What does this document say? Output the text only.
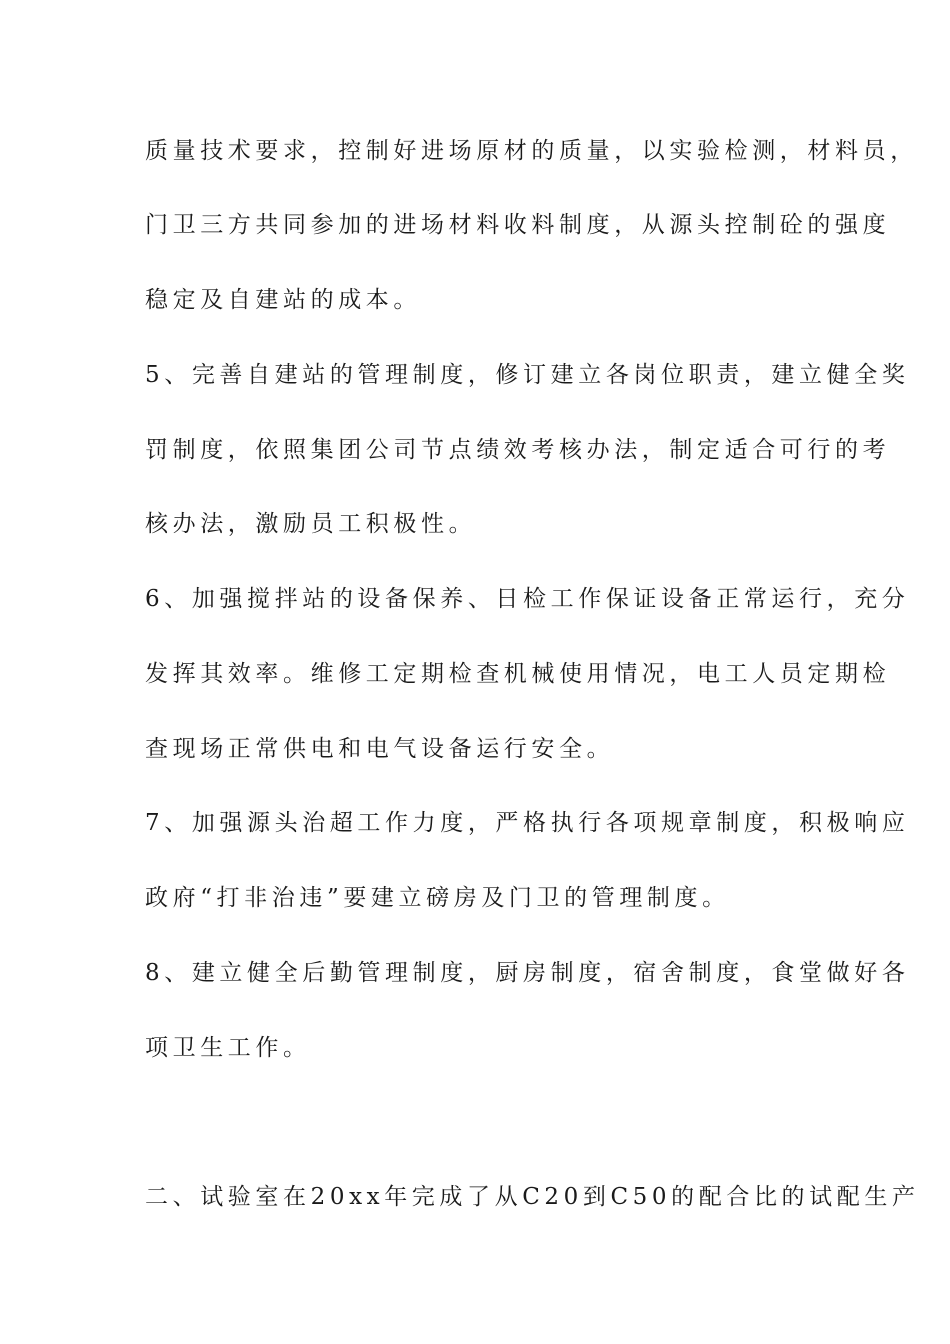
质量技术要求，控制好进场原材的质量，以实验检测，材料员，
门卫三方共同参加的进场材料收料制度，从源头控制砼的强度
稳定及自建站的成本。
5、完善自建站的管理制度，修订建立各岗位职责，建立健全奖
罚制度，依照集团公司节点绩效考核办法，制定适合可行的考
核办法，激励员工积极性。
6、加强搅拌站的设备保养、日检工作保证设备正常运行，充分
发挥其效率。维修工定期检查机械使用情况，电工人员定期检
查现场正常供电和电气设备运行安全。
7、加强源头治超工作力度，严格执行各项规章制度，积极响应
政府“打非治违”要建立磅房及门卫的管理制度。
8、建立健全后勤管理制度，厨房制度，宿舍制度，食堂做好各
项卫生工作。
二、试验室在20xx年完成了从C20到C50的配合比的试配生产
